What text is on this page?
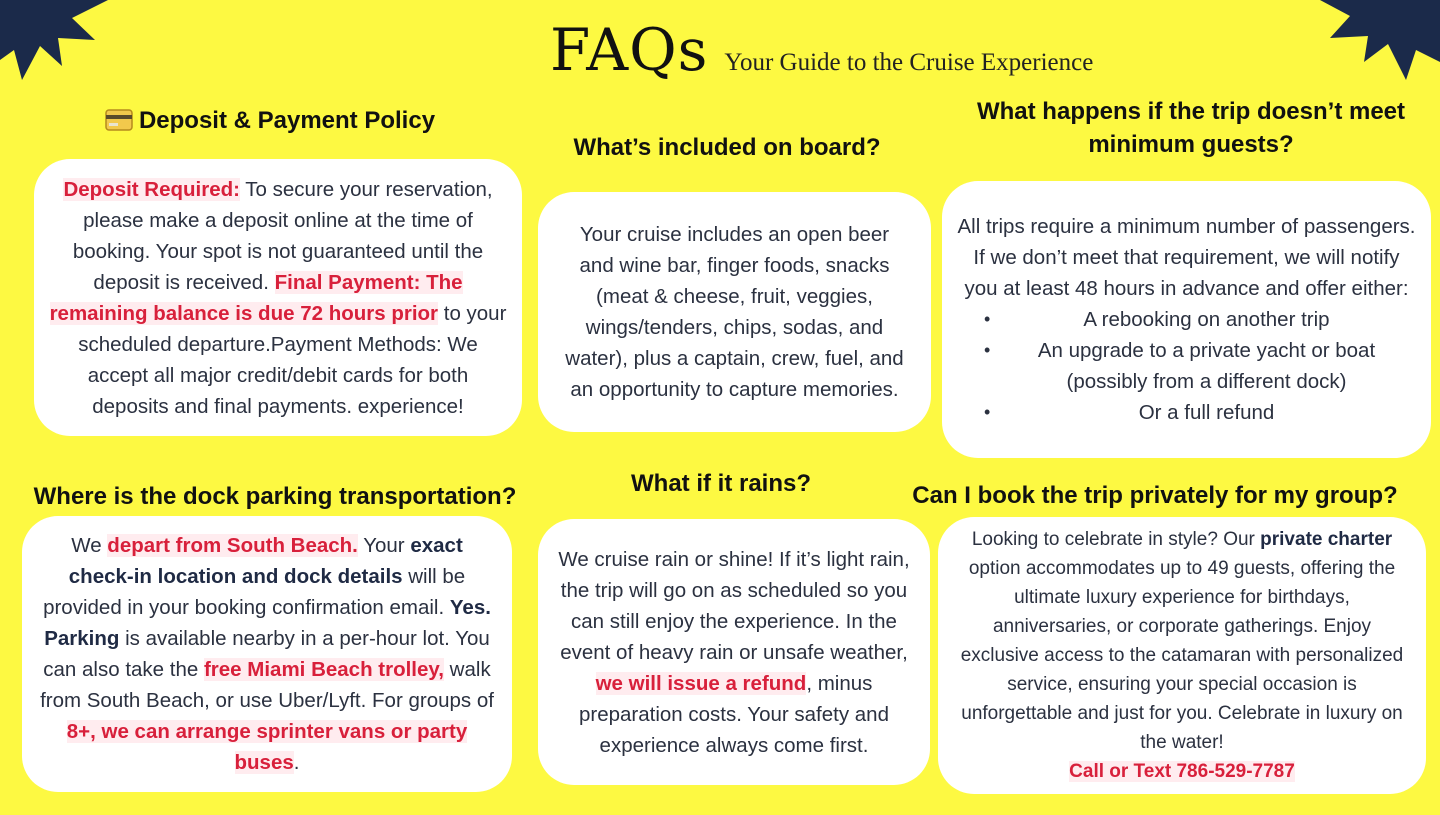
FAQs Your Guide to the Cruise Experience
Deposit & Payment Policy

Deposit Required: To secure your reservation, please make a deposit online at the time of booking. Your spot is not guaranteed until the deposit is received. Final Payment: The remaining balance is due 72 hours prior to your scheduled departure.Payment Methods: We accept all major credit/debit cards for both deposits and final payments. experience!

What’s included on board?

Your cruise includes an open beer and wine bar, finger foods, snacks (meat & cheese, fruit, veggies, wings/tenders, chips, sodas, and water), plus a captain, crew, fuel, and an opportunity to capture memories.

What happens if the trip doesn’t meet minimum guests?

All trips require a minimum number of passengers. If we don’t meet that requirement, we will notify you at least 48 hours in advance and offer either:

• A rebooking on another trip
• An upgrade to a private yacht or boat (possibly from a different dock)
• Or a full refund
Where is the dock parking transportation?

We depart from South Beach. Your exact check-in location and dock details will be provided in your booking confirmation email. Yes. Parking is available nearby in a per-hour lot. You can also take the free Miami Beach trolley, walk from South Beach, or use Uber/Lyft. For groups of 8+, we can arrange sprinter vans or party buses.

What if it rains?

We cruise rain or shine! If it’s light rain, the trip will go on as scheduled so you can still enjoy the experience. In the event of heavy rain or unsafe weather, we will issue a refund, minus preparation costs. Your safety and experience always come first.

Can I book the trip privately for my group?

Looking to celebrate in style? Our private charter option accommodates up to 49 guests, offering the ultimate luxury experience for birthdays, anniversaries, or corporate gatherings. Enjoy exclusive access to the catamaran with personalized service, ensuring your special occasion is unforgettable and just for you. Celebrate in luxury on the water!

Call or Text 786-529-7787
